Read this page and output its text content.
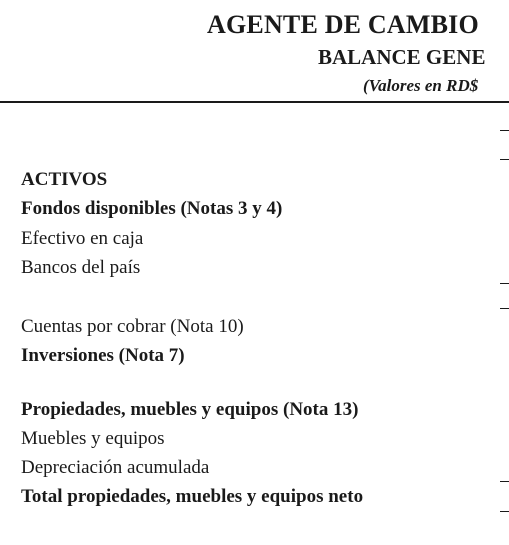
AGENTE DE CAMBIO
BALANCE GENE
(Valores en RD$
ACTIVOS
Fondos disponibles (Notas 3 y 4)
Efectivo en caja
Bancos del país
Cuentas por cobrar (Nota 10)
Inversiones (Nota 7)
Propiedades, muebles y equipos (Nota 13)
Muebles y equipos
Depreciación acumulada
Total propiedades, muebles y equipos neto
